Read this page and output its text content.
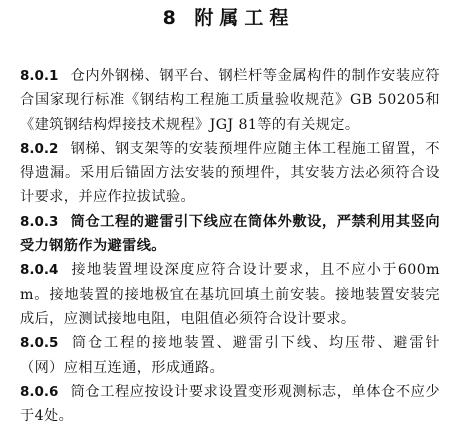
8 附属工程

8.0.1 仓内外钢梯、钢平台、钢栏杆等金属构件的制作安装应符合国家现行标准《钢结构工程施工质量验收规范》GB 50205和《建筑钢结构焊接技术规程》JGJ 81等的有关规定。

8.0.2 钢梯、钢支架等的安装预埋件应随主体工程施工留置，不得遗漏。采用后锚固方法安装的预埋件，其安装方法必须符合设计要求，并应作拉拔试验。

8.0.3 筒仓工程的避雷引下线应在筒体外敷设，严禁利用其竖向受力钢筋作为避雷线。

8.0.4 接地装置埋设深度应符合设计要求，且不应小于600mm。接地装置的接地极宜在基坑回填土前安装。接地装置安装完成后，应测试接地电阻，电阻值必须符合设计要求。

8.0.5 筒仓工程的接地装置、避雷引下线、均压带、避雷针（网）应相互连通，形成通路。

8.0.6 筒仓工程应按设计要求设置变形观测标志，单体仓不应少于4处。
